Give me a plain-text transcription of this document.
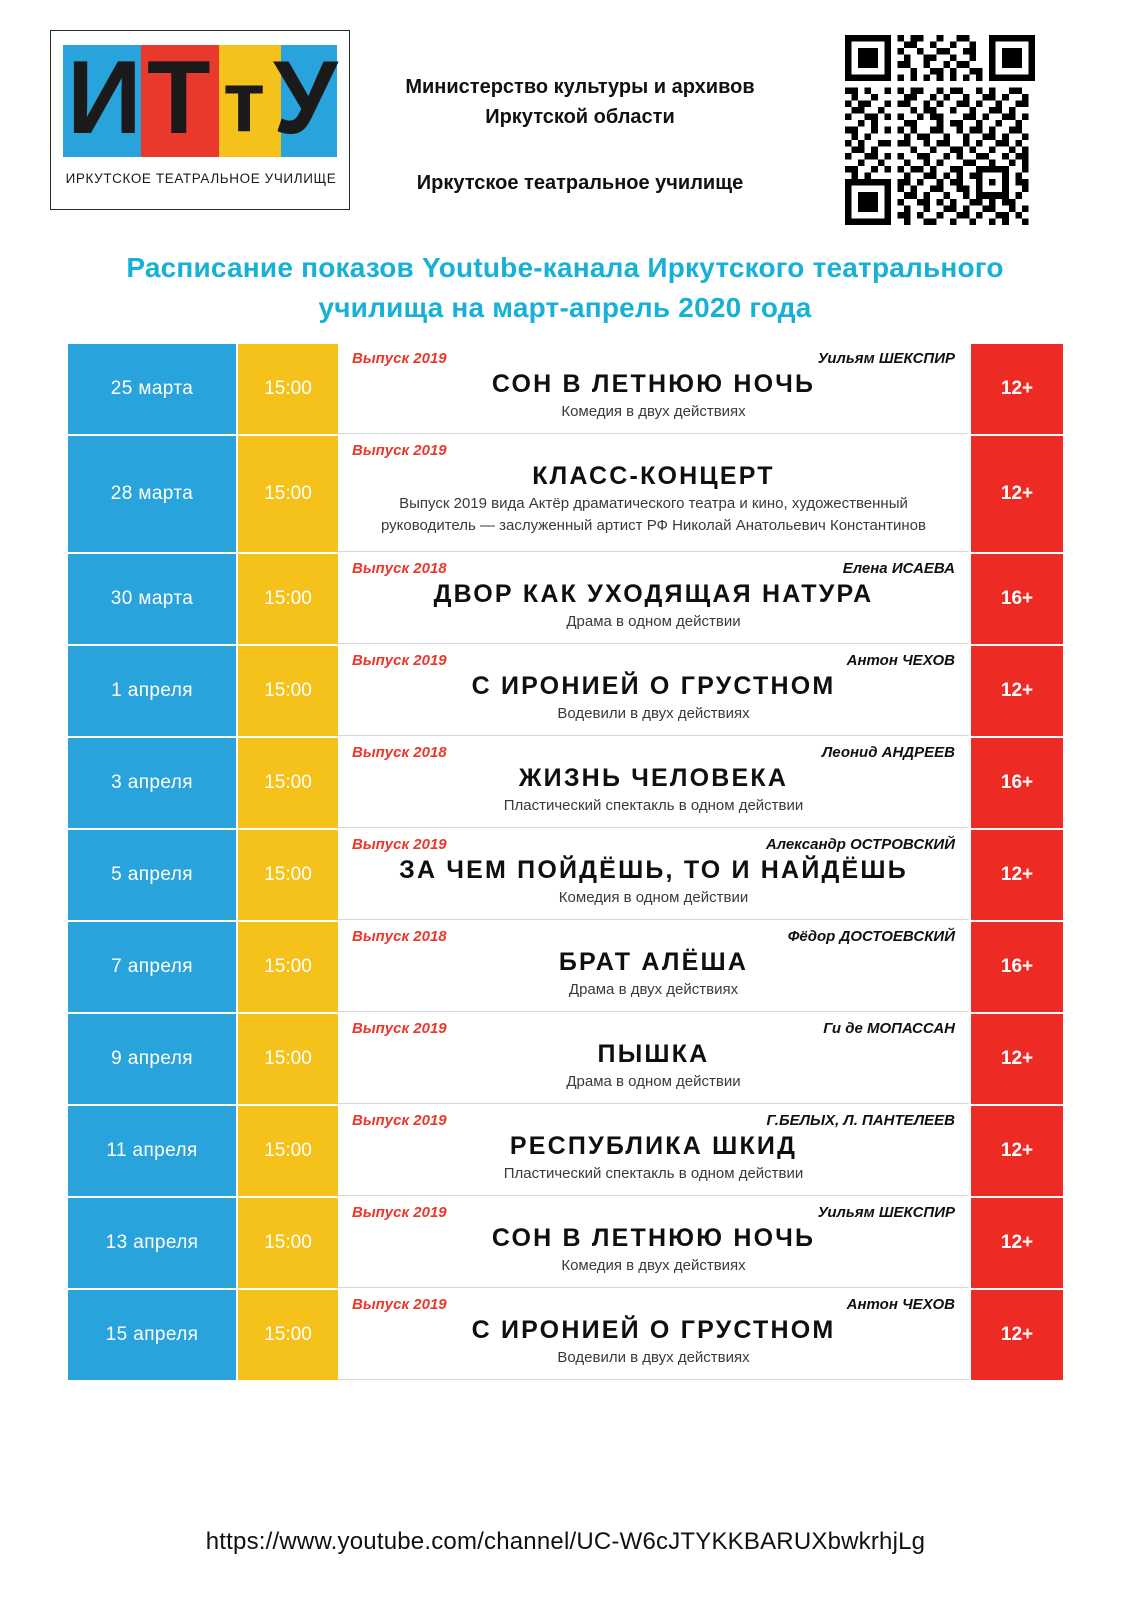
И Т т У
ИРКУТСКОЕ ТЕАТРАЛЬНОЕ УЧИЛИЩЕ
Министерство культуры и архивов Иркутской области
Иркутское театральное училище
Расписание показов Youtube-канала Иркутского театрального училища на март-апрель 2020 года
25 марта	15:00
Выпуск 2019	Уильям ШЕКСПИР
СОН В ЛЕТНЮЮ НОЧЬ
Комедия в двух действиях
12+
28 марта	15:00
Выпуск 2019
КЛАСС-КОНЦЕРТ
Выпуск 2019 вида Актёр драматического театра и кино, художественный руководитель — заслуженный артист РФ Николай Анатольевич Константинов
12+
30 марта	15:00
Выпуск 2018	Елена ИСАЕВА
ДВОР КАК УХОДЯЩАЯ НАТУРА
Драма в одном действии
16+
1 апреля	15:00
Выпуск 2019	Антон ЧЕХОВ
С ИРОНИЕЙ О ГРУСТНОМ
Водевили в двух действиях
12+
3 апреля	15:00
Выпуск 2018	Леонид АНДРЕЕВ
ЖИЗНЬ ЧЕЛОВЕКА
Пластический спектакль в одном действии
16+
5 апреля	15:00
Выпуск 2019	Александр ОСТРОВСКИЙ
ЗА ЧЕМ ПОЙДЁШЬ, ТО И НАЙДЁШЬ
Комедия в одном действии
12+
7 апреля	15:00
Выпуск 2018	Фёдор ДОСТОЕВСКИЙ
БРАТ АЛЁША
Драма в двух действиях
16+
9 апреля	15:00
Выпуск 2019	Ги де МОПАССАН
ПЫШКА
Драма в одном действии
12+
11 апреля	15:00
Выпуск 2019	Г.БЕЛЫХ, Л. ПАНТЕЛЕЕВ
РЕСПУБЛИКА ШКИД
Пластический спектакль в одном действии
12+
13 апреля	15:00
Выпуск 2019	Уильям ШЕКСПИР
СОН В ЛЕТНЮЮ НОЧЬ
Комедия в двух действиях
12+
15 апреля	15:00
Выпуск 2019	Антон ЧЕХОВ
С ИРОНИЕЙ О ГРУСТНОМ
Водевили в двух действиях
12+
https://www.youtube.com/channel/UC-W6cJTYKKBARUXbwkrhjLg
